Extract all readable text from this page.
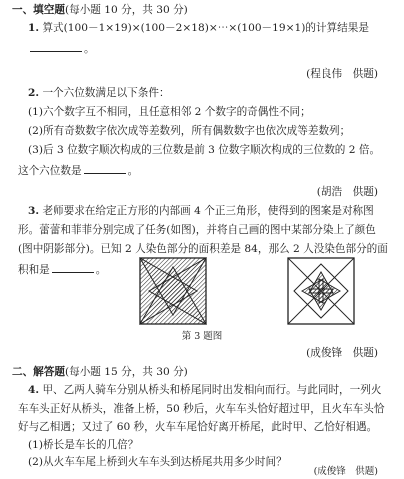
一、填空题(每小题 10 分，共 30 分)
1. 算式(100－1×19)×(100－2×18)×⋯×(100－19×1)的计算结果是
。
(程良伟　供题)
2. 一个六位数满足以下条件：
(1)六个数字互不相同，且任意相邻 2 个数字的奇偶性不同；
(2)所有奇数数字依次成等差数列，所有偶数数字也依次成等差数列；
(3)后 3 位数字顺次构成的三位数是前 3 位数字顺次构成的三位数的 2 倍。
这个六位数是	。
(胡浩　供题)
3. 老师要求在给定正方形的内部画 4 个正三角形，使得到的图案是对称图
形。蕾蕾和菲菲分别完成了任务(如图)，并将自己画的图中某部分染上了颜色
(图中阴影部分)。已知 2 人染色部分的面积差是 84，那么 2 人没染色部分的面
积和是	。
第 3 题图
(成俊锋　供题)
二、解答题(每小题 15 分，共 30 分)
4. 甲、乙两人骑车分别从桥头和桥尾同时出发相向而行。与此同时，一列火
车车头正好从桥头，准备上桥，50 秒后，火车车头恰好超过甲，且火车车头恰
好与乙相遇；又过了 60 秒，火车车尾恰好离开桥尾，此时甲、乙恰好相遇。
(1)桥长是车长的几倍？
(2)从火车车尾上桥到火车车头到达桥尾共用多少时间？
(成俊锋　供题)
